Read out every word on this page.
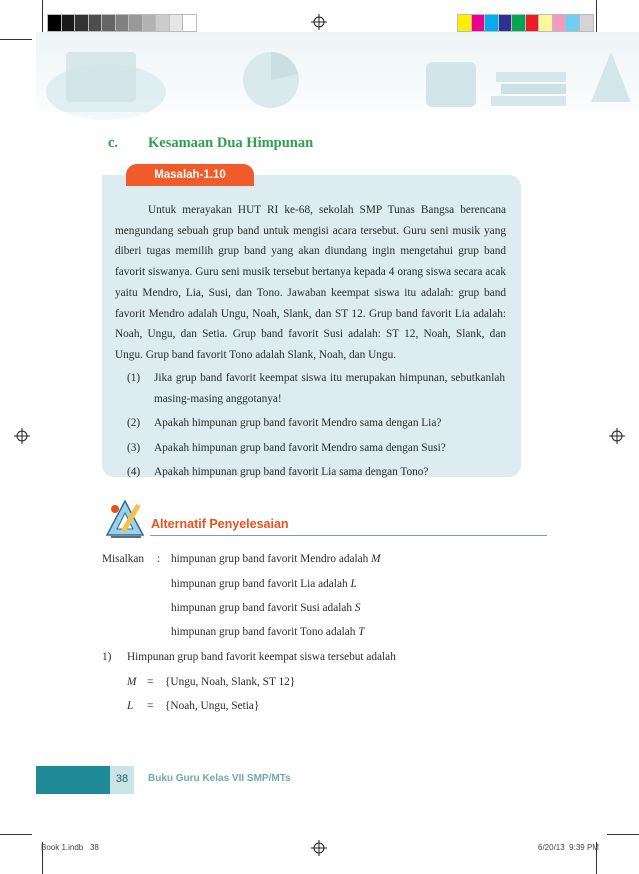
c. Kesamaan Dua Himpunan
Masalah-1.10
Untuk merayakan HUT RI ke-68, sekolah SMP Tunas Bangsa berencana mengundang sebuah grup band untuk mengisi acara tersebut. Guru seni musik yang diberi tugas memilih grup band yang akan diundang ingin mengetahui grup band favorit siswanya. Guru seni musik tersebut bertanya kepada 4 orang siswa secara acak yaitu Mendro, Lia, Susi, dan Tono. Jawaban keempat siswa itu adalah: grup band favorit Mendro adalah Ungu, Noah, Slank, dan ST 12. Grup band favorit Lia adalah: Noah, Ungu, dan Setia. Grup band favorit Susi adalah: ST 12, Noah, Slank, dan Ungu. Grup band favorit Tono adalah Slank, Noah, dan Ungu.
(1) Jika grup band favorit keempat siswa itu merupakan himpunan, sebutkanlah masing-masing anggotanya!
(2) Apakah himpunan grup band favorit Mendro sama dengan Lia?
(3) Apakah himpunan grup band favorit Mendro sama dengan Susi?
(4) Apakah himpunan grup band favorit Lia sama dengan Tono?
Alternatif Penyelesaian
Misalkan : himpunan grup band favorit Mendro adalah M
himpunan grup band favorit Lia adalah L
himpunan grup band favorit Susi adalah S
himpunan grup band favorit Tono adalah T
1) Himpunan grup band favorit keempat siswa tersebut adalah
M = {Ungu, Noah, Slank, ST 12}
L = {Noah, Ungu, Setia}
38	Buku Guru Kelas VII SMP/MTs
Book 1.indb 38	6/20/13 9:39 PM
